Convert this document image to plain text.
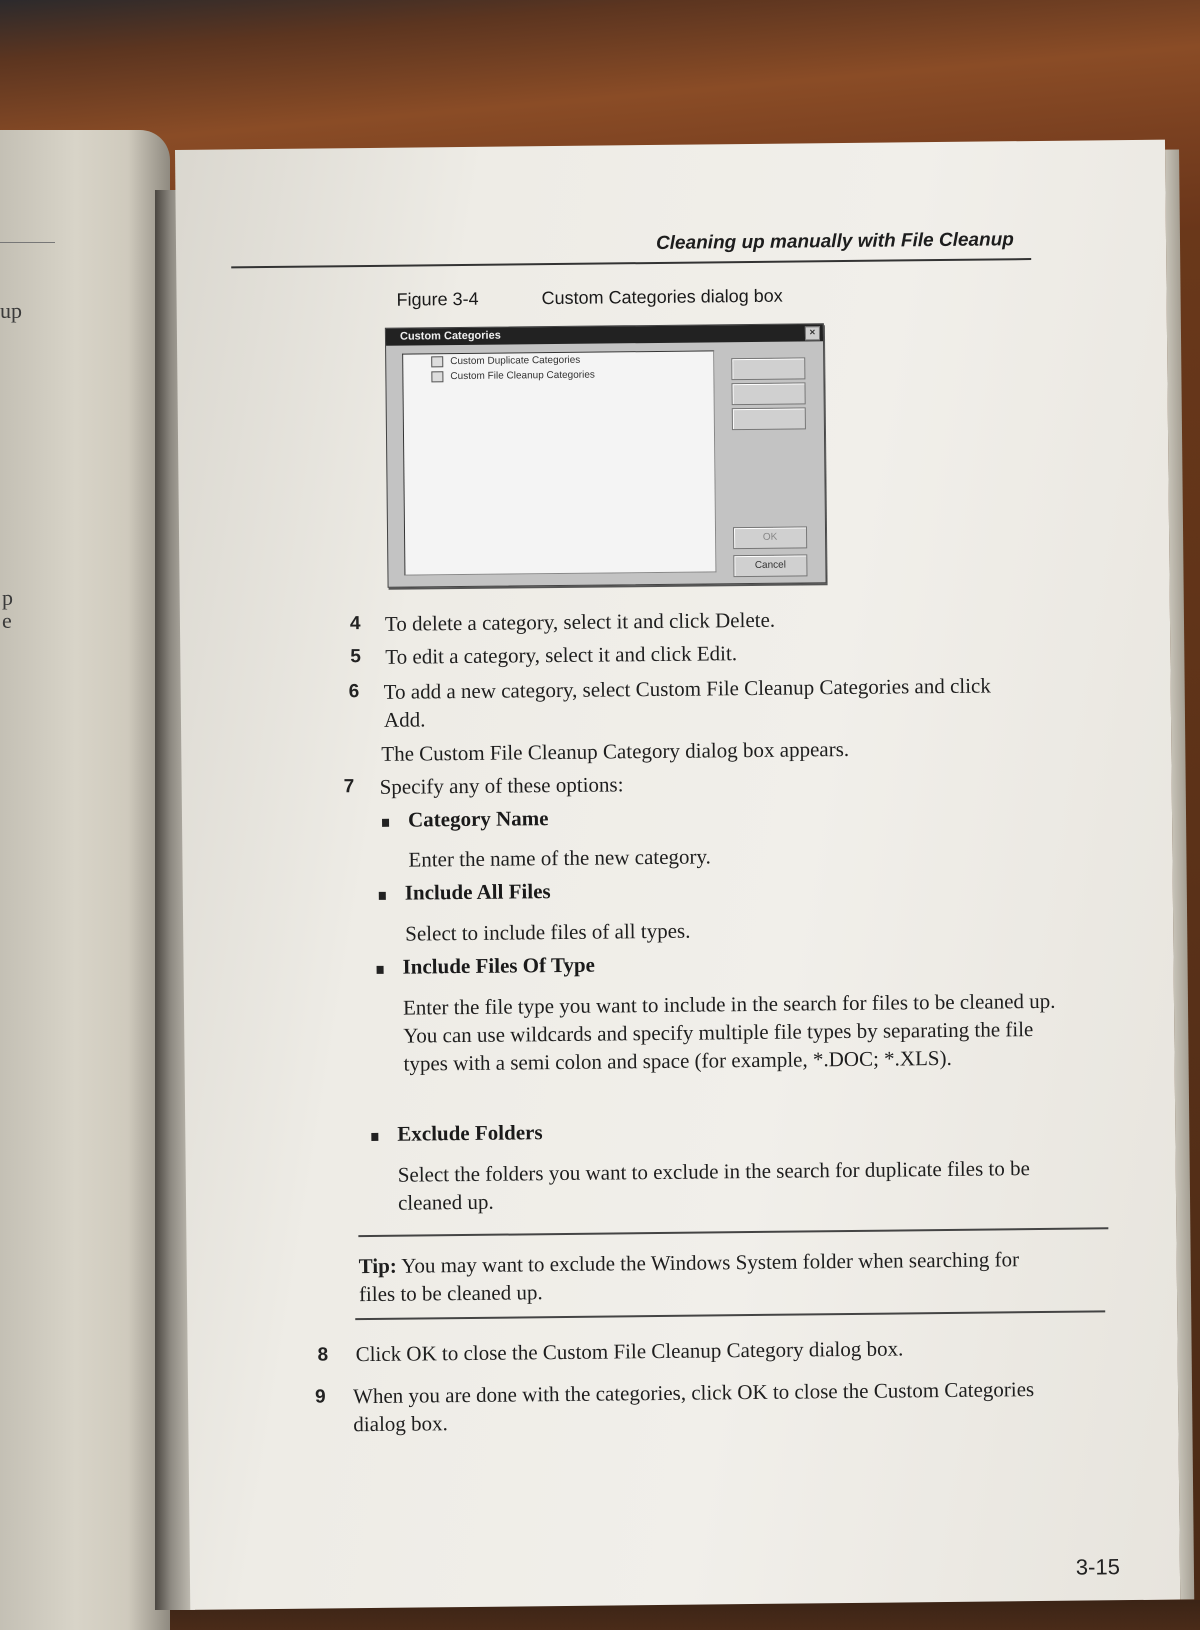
up
p
e
Cleaning up manually with File Cleanup
Figure 3-4	Custom Categories dialog box
Custom Categories	×
Custom Duplicate Categories
Custom File Cleanup Categories
OK
Cancel
4 To delete a category, select it and click Delete.
5 To edit a category, select it and click Edit.
6 To add a new category, select Custom File Cleanup Categories and click Add.
The Custom File Cleanup Category dialog box appears.
7 Specify any of these options:
Category Name
Enter the name of the new category.
Include All Files
Select to include files of all types.
Include Files Of Type
Enter the file type you want to include in the search for files to be cleaned up. You can use wildcards and specify multiple file types by separating the file types with a semi colon and space (for example, *.DOC; *.XLS).
Exclude Folders
Select the folders you want to exclude in the search for duplicate files to be cleaned up.
Tip: You may want to exclude the Windows System folder when searching for files to be cleaned up.
8 Click OK to close the Custom File Cleanup Category dialog box.
9 When you are done with the categories, click OK to close the Custom Categories dialog box.
3-15
